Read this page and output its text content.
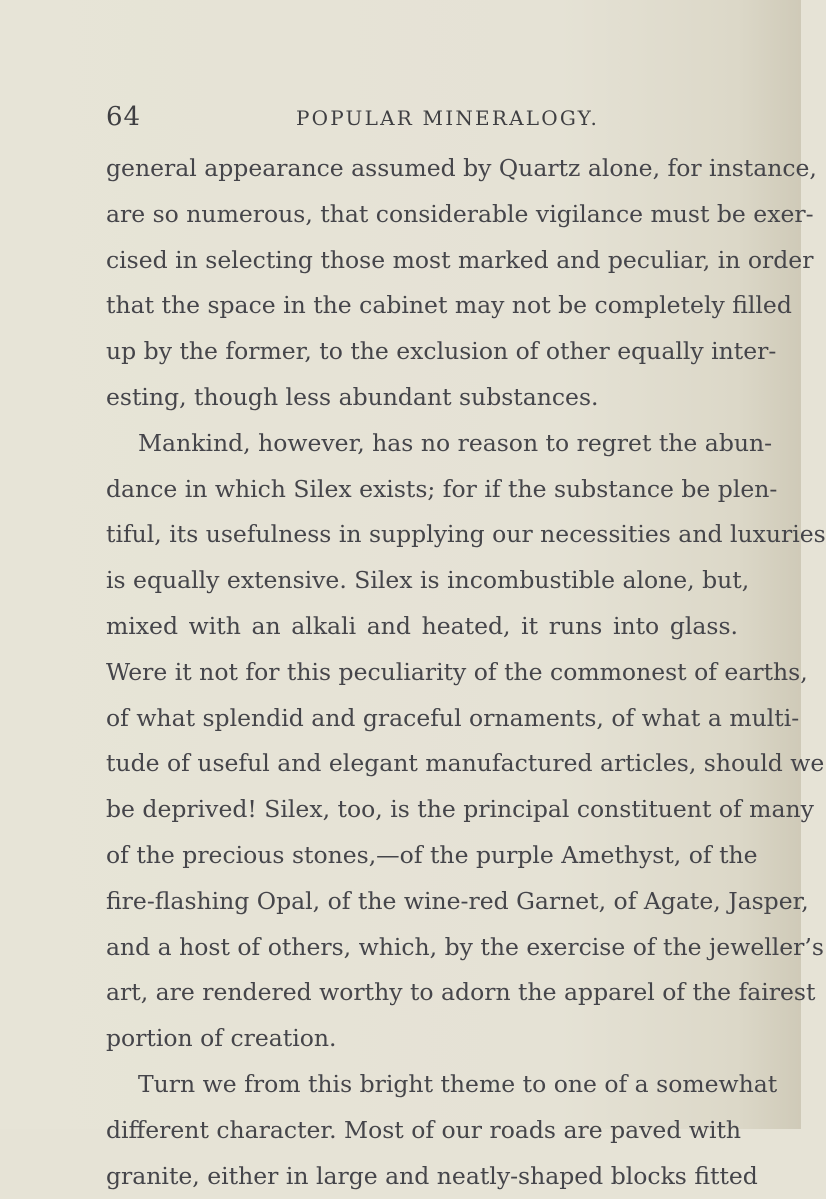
64	POPULAR MINERALOGY.
general appearance assumed by Quartz alone, for instance,
are so numerous, that considerable vigilance must be exer-
cised in selecting those most marked and peculiar, in order
that the space in the cabinet may not be completely filled
up by the former, to the exclusion of other equally inter-
esting, though less abundant substances.
Mankind, however, has no reason to regret the abun-
dance in which Silex exists; for if the substance be plen-
tiful, its usefulness in supplying our necessities and luxuries
is equally extensive. Silex is incombustible alone, but,
mixed with an alkali and heated, it runs into glass.
Were it not for this peculiarity of the commonest of earths,
of what splendid and graceful ornaments, of what a multi-
tude of useful and elegant manufactured articles, should we
be deprived! Silex, too, is the principal constituent of many
of the precious stones,—of the purple Amethyst, of the
fire-flashing Opal, of the wine-red Garnet, of Agate, Jasper,
and a host of others, which, by the exercise of the jeweller’s
art, are rendered worthy to adorn the apparel of the fairest
portion of creation.
Turn we from this bright theme to one of a somewhat
different character. Most of our roads are paved with
granite, either in large and neatly-shaped blocks fitted
